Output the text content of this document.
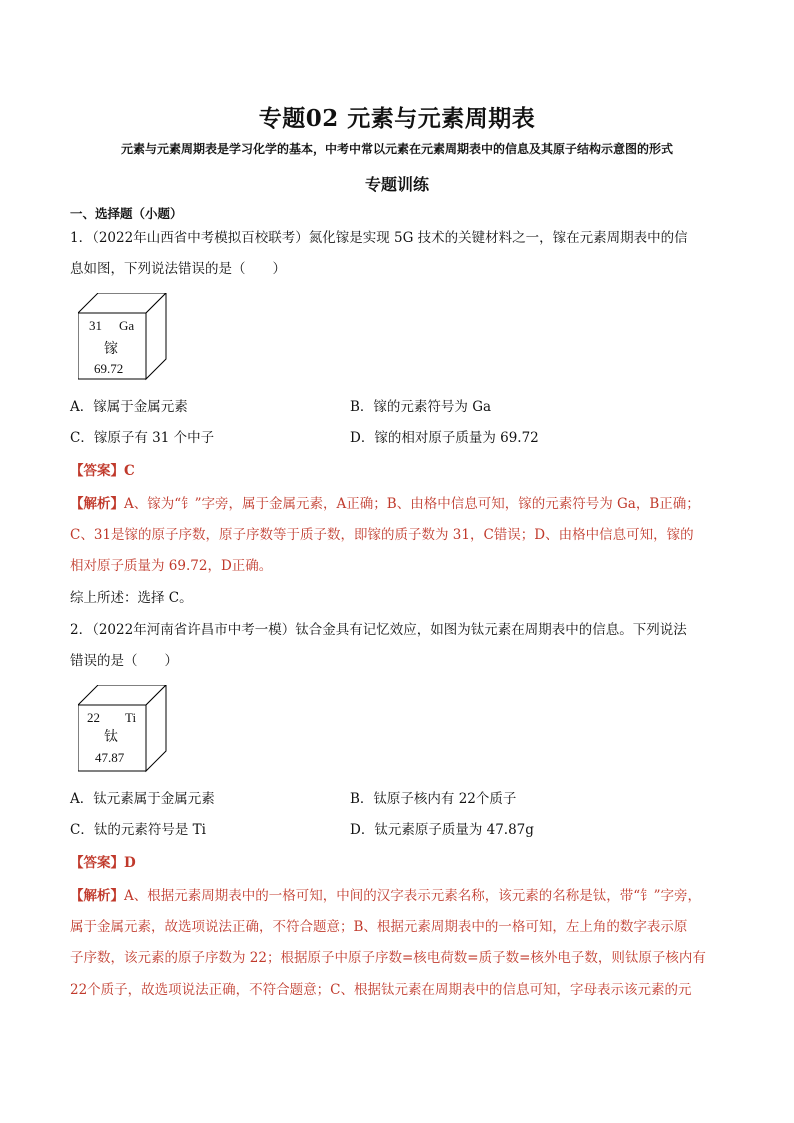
专题02 元素与元素周期表
元素与元素周期表是学习化学的基本，中考中常以元素在元素周期表中的信息及其原子结构示意图的形式
专题训练
一、选择题（小题）
1．（2022年山西省中考模拟百校联考）氮化镓是实现 5G 技术的关键材料之一，镓在元素周期表中的信
息如图，下列说法错误的是（　　）
31 Ga
镓
69.72
A．镓属于金属元素	B．镓的元素符号为 Ga
C．镓原子有 31 个中子	D．镓的相对原子质量为 69.72
【答案】C
【解析】A、镓为“钅”字旁，属于金属元素，A正确；B、由格中信息可知，镓的元素符号为 Ga，B正确；
C、31是镓的原子序数，原子序数等于质子数，即镓的质子数为 31，C错误；D、由格中信息可知，镓的
相对原子质量为 69.72，D正确。
综上所述：选择 C。
2．（2022年河南省许昌市中考一模）钛合金具有记忆效应，如图为钛元素在周期表中的信息。下列说法
错误的是（　　）
22 Ti
钛
47.87
A．钛元素属于金属元素	B．钛原子核内有 22个质子
C．钛的元素符号是 Ti	D．钛元素原子质量为 47.87g
【答案】D
【解析】A、根据元素周期表中的一格可知，中间的汉字表示元素名称，该元素的名称是钛，带“钅”字旁，
属于金属元素，故选项说法正确，不符合题意；B、根据元素周期表中的一格可知，左上角的数字表示原
子序数，该元素的原子序数为 22；根据原子中原子序数=核电荷数=质子数=核外电子数，则钛原子核内有
22个质子，故选项说法正确，不符合题意；C、根据钛元素在周期表中的信息可知，字母表示该元素的元
